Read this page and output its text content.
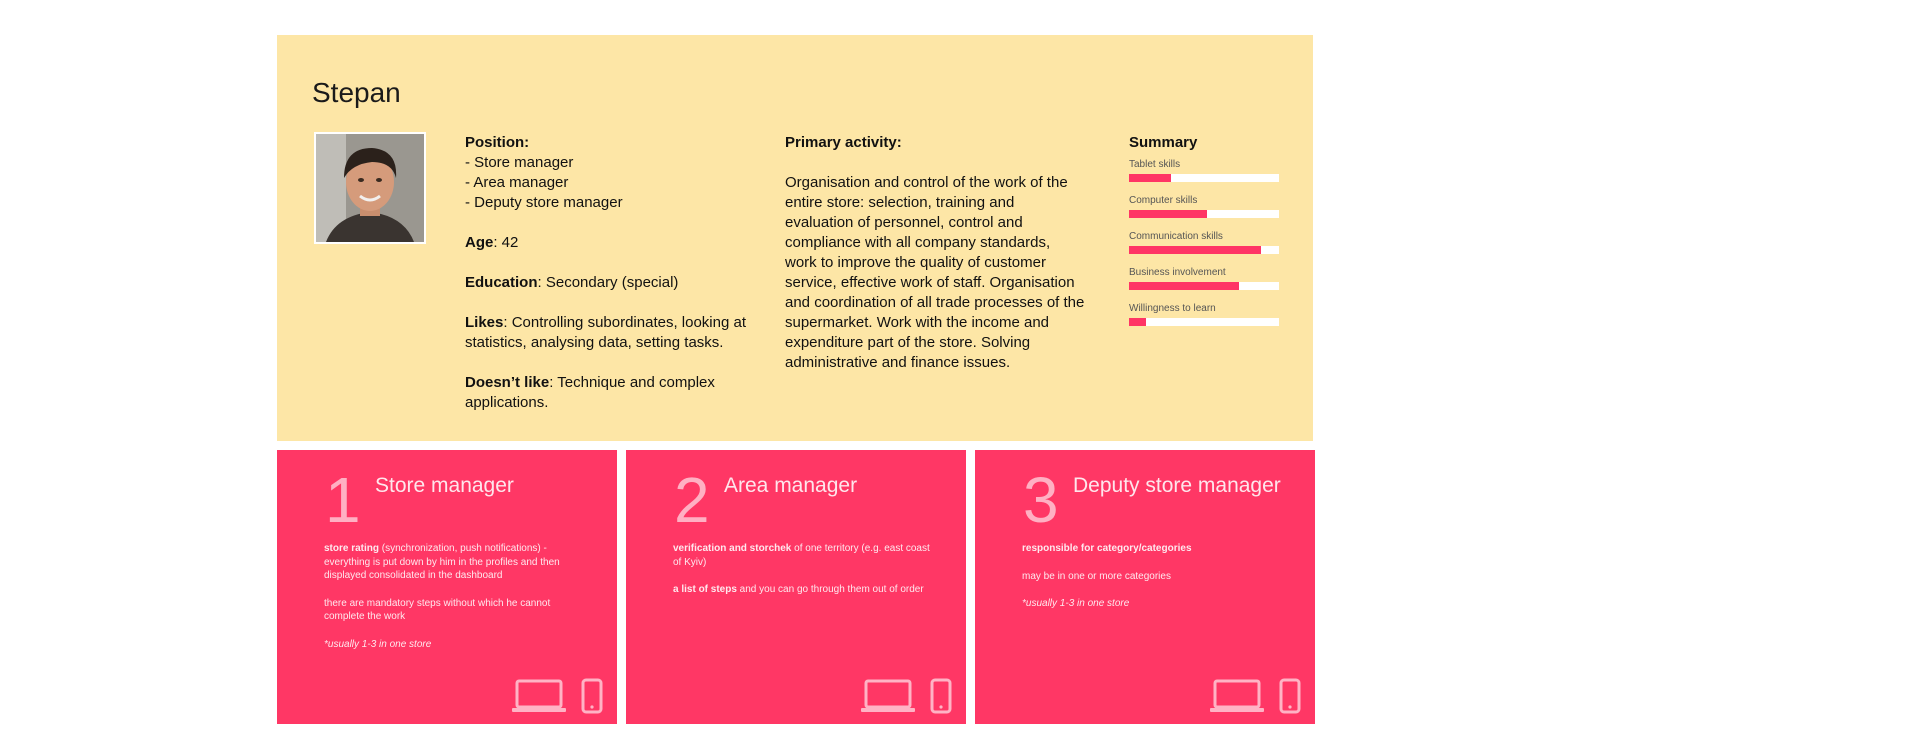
Stepan
Position:
- Store manager
- Area manager
- Deputy store manager
Age: 42
Education: Secondary (special)
Likes: Controlling subordinates, looking at statistics, analysing data, setting tasks.
Doesn’t like: Technique and complex applications.
Primary activity:
Organisation and control of the work of the entire store: selection, training and evaluation of personnel, control and compliance with all company standards, work to improve the quality of customer service, effective work of staff. Organisation and coordination of all trade processes of the supermarket. Work with the income and expenditure part of the store. Solving administrative and finance issues.
Summary
Tablet skills
Computer skills
Communication skills
Business involvement
Willingness to learn
1 Store manager

store rating (synchronization, push notifications) - everything is put down by him in the profiles and then displayed consolidated in the dashboard

there are mandatory steps without which he cannot complete the work

*usually 1-3 in one store

2 Area manager

verification and storchek of one territory (e.g. east coast of Kyiv)

a list of steps and you can go through them out of order

3 Deputy store manager

responsible for category/categories

may be in one or more categories

*usually 1-3 in one store
